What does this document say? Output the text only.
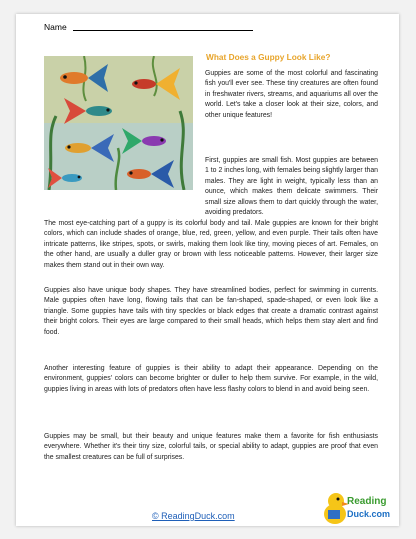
Name
What Does a Guppy Look Like?

Guppies are some of the most colorful and fascinating fish you'll ever see. These tiny creatures are often found in freshwater rivers, streams, and aquariums all over the world. Let's take a closer look at their size, colors, and other unique features!

First, guppies are small fish. Most guppies are between 1 to 2 inches long, with females being slightly larger than males. They are light in weight, typically less than an ounce, which makes them delicate swimmers. Their small size allows them to dart quickly through the water, avoiding predators.

The most eye-catching part of a guppy is its colorful body and tail. Male guppies are known for their bright colors, which can include shades of orange, blue, red, green, yellow, and even purple. Their tails often have intricate patterns, like stripes, spots, or swirls, making them look like tiny, moving pieces of art. Females, on the other hand, are usually a duller gray or brown with less noticeable patterns. However, their larger size makes them stand out in their own way.

Guppies also have unique body shapes. They have streamlined bodies, perfect for swimming in currents. Male guppies often have long, flowing tails that can be fan-shaped, spade-shaped, or even look like a triangle. Some guppies have tails with tiny speckles or black edges that create a dramatic contrast against their bright colors. Their eyes are large compared to their small heads, which helps them stay alert and find food.

Another interesting feature of guppies is their ability to adapt their appearance. Depending on the environment, guppies' colors can become brighter or duller to help them survive. For example, in the wild, guppies living in areas with lots of predators often have less flashy colors to blend in and avoid being seen.

Guppies may be small, but their beauty and unique features make them a favorite for fish enthusiasts everywhere. Whether it's their tiny size, colorful tails, or special ability to adapt, guppies are proof that even the smallest creatures can be full of surprises.

© ReadingDuck.com
Reading
Duck.com
